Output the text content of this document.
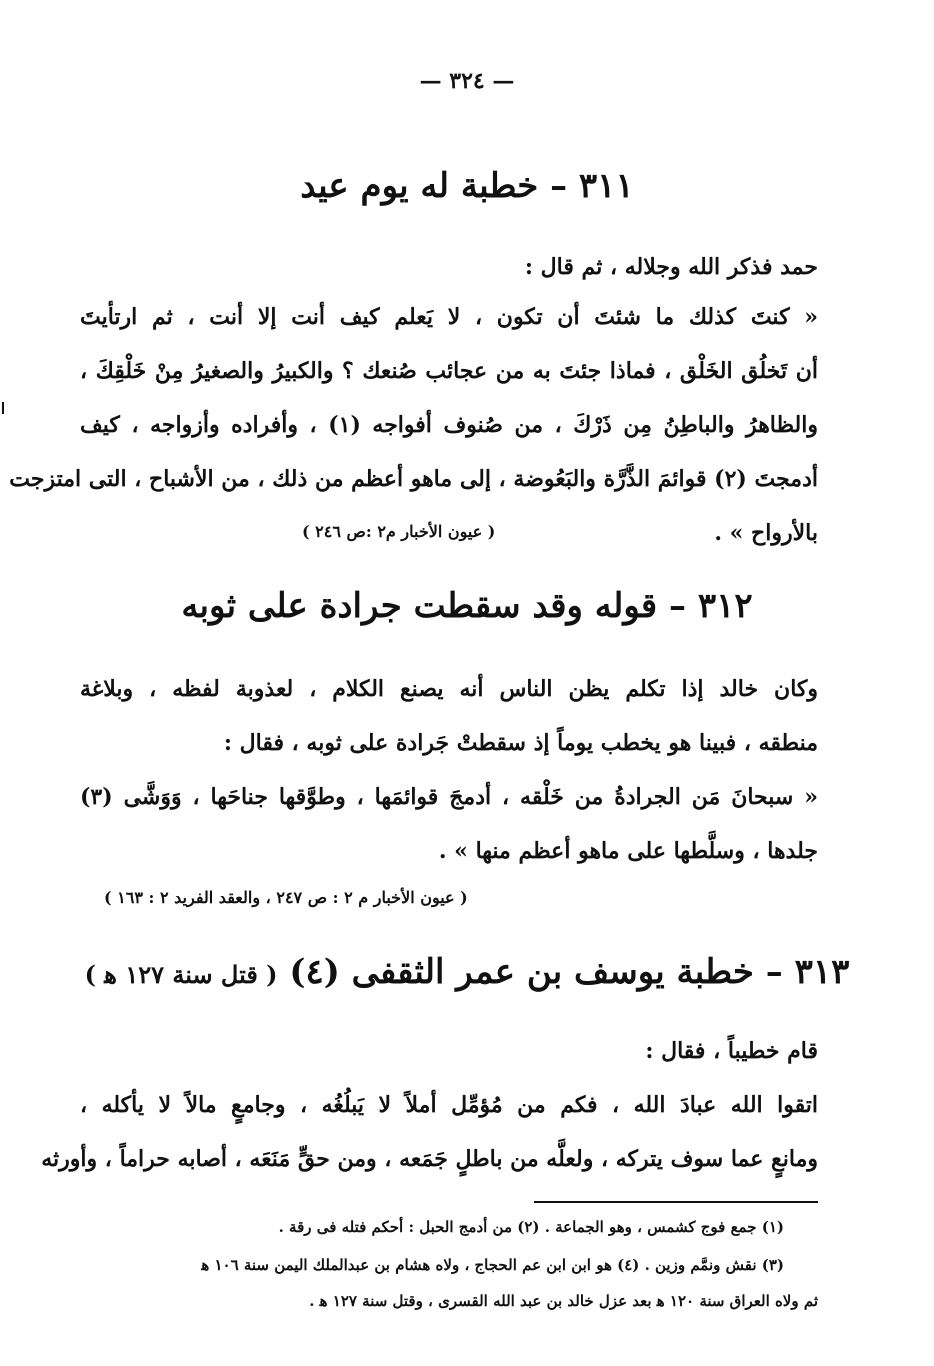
— ٣٢٤ —
٣١١ – خطبة له يوم عيد
حمد فذكر الله وجلاله ، ثم قال :
« كنتَ كذلك ما شئتَ أن تكون ، لا يَعلم كيف أنت إلا أنت ، ثم ارتأيتَ
أن تَخلُق الخَلْق ، فماذا جئتَ به من عجائب صُنعك ؟ والكبيرُ والصغيرُ مِنْ خَلْقِكَ ،
والظاهرُ والباطِنُ مِن ذَرْكَ ، من صُنوف أفواجه (١) ، وأفراده وأزواجه ، كيف
أدمجتَ (٢) قوائمَ الذَّرَّة والبَعُوضة ، إلى ماهو أعظم من ذلك ، من الأشباح ، التى امتزجت
بالأرواح » .
( عيون الأخبار م٢ :ص ٢٤٦ )
٣١٢ – قوله وقد سقطت جرادة على ثوبه
وكان خالد إذا تكلم يظن الناس أنه يصنع الكلام ، لعذوبة لفظه ، وبلاغة
منطقه ، فبينا هو يخطب يوماً إذ سقطتْ جَرادة على ثوبه ، فقال :
« سبحانَ مَن الجرادةُ من خَلْقه ، أدمجَ قوائمَها ، وطوَّقها جناحَها ، وَوَشَّى (٣)
جلدها ، وسلَّطها على ماهو أعظم منها » .
( عيون الأخبار م ٢ : ص ٢٤٧ ، والعقد الفريد ٢ : ١٦٣ )
٣١٣ – خطبة يوسف بن عمر الثقفى (٤) ( قتل سنة ١٢٧ ﻫ )
قام خطيباً ، فقال :
اتقوا الله عبادَ الله ، فكم من مُؤمِّل أملاً لا يَبلُغُه ، وجامعٍ مالاً لا يأكله ،
ومانعٍ عما سوف يتركه ، ولعلَّه من باطلٍ جَمَعه ، ومن حقٍّ مَنَعَه ، أصابه حراماً ، وأورثه
(١) جمع فوج كشمس ، وهو الجماعة . (٢) من أدمج الحبل : أحكم فتله فى رقة .
(٣) نقش ونمَّم وزين . (٤) هو ابن ابن عم الحجاج ، ولاه هشام بن عبدالملك اليمن سنة ١٠٦ ﻫ
ثم ولاه العراق سنة ١٢٠ ﻫ بعد عزل خالد بن عبد الله القسرى ، وقتل سنة ١٢٧ ﻫ .
